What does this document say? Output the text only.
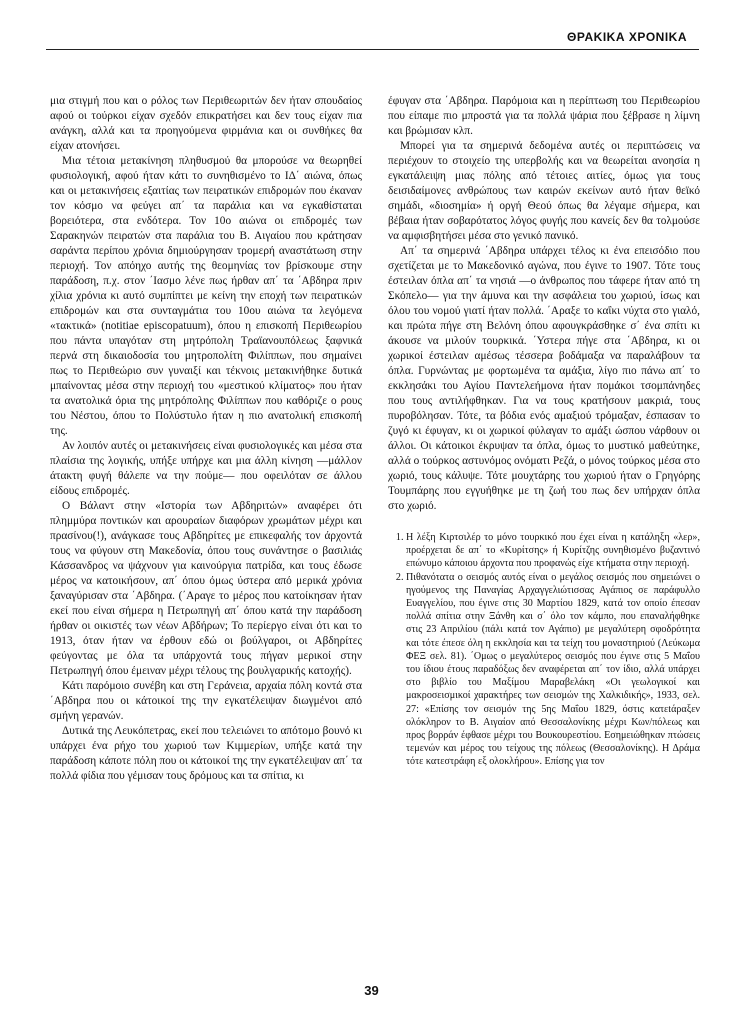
ΘΡΑΚΙΚΑ ΧΡΟΝΙΚΑ

μια στιγμή που και ο ρόλος των Περιθεωριτών δεν ήταν σπουδαίος αφού οι τούρκοι είχαν σχεδόν επικρατήσει και δεν τους είχαν πια ανάγκη, αλλά και τα προηγούμενα φιρμάνια και οι συνθήκες θα είχαν ατονήσει.

Μια τέτοια μετακίνηση πληθυσμού θα μπορούσε να θεωρηθεί φυσιολογική, αφού ήταν κάτι το συνηθισμένο το ΙΔ΄ αιώνα, όπως και οι μετακινήσεις εξαιτίας των πειρατικών επιδρομών που έκαναν τον κόσμο να φεύγει απ΄ τα παράλια και να εγκαθίσταται βορειότερα, στα ενδότερα. Τον 10ο αιώνα οι επιδρομές των Σαρακηνών πειρατών στα παράλια του Β. Αιγαίου που κράτησαν σαράντα περίπου χρόνια δημιούργησαν τρομερή αναστάτωση στην περιοχή. Τον απόηχο αυτής της θεομηνίας τον βρίσκουμε στην παράδοση, π.χ. στον ΄Ιασμο λένε πως ήρθαν απ΄ τα ΄Αβδηρα πριν χίλια χρόνια κι αυτό συμπίπτει με κείνη την εποχή των πειρατικών επιδρομών και στα συνταγμάτια του 10ου αιώνα τα λεγόμενα «τακτικά» (notitiae episcopatuum), όπου η επισκοπή Περιθεωρίου που πάντα υπαγόταν στη μητρόπολη Τραϊανουπόλεως ξαφνικά περνά στη δικαιοδοσία του μητροπολίτη Φιλίππων, που σημαίνει πως το Περιθεώριο συν γυναιξί και τέκνοις μετακινήθηκε δυτικά μπαίνοντας μέσα στην περιοχή του «μεστικού κλίματος» που ήταν τα ανατολικά όρια της μητρόπολης Φιλίππων που καθόριζε ο ρους του Νέστου, όπου το Πολύστυλο ήταν η πιο ανατολική επισκοπή της.

Αν λοιπόν αυτές οι μετακινήσεις είναι φυσιολογικές και μέσα στα πλαίσια της λογικής, υπήξε υπήρχε και μια άλλη κίνηση —μάλλον άτακτη φυγή θάλεπε να την πούμε— που οφειλόταν σε άλλου είδους επιδρομές.

Ο Βάλαντ στην «Ιστορία των Αβδηριτών» αναφέρει ότι πλημμύρα ποντικών και αρουραίων διαφόρων χρωμάτων μέχρι και πρασίνου(!), ανάγκασε τους Αβδηρίτες με επικεφαλής τον άρχοντά τους να φύγουν στη Μακεδονία, όπου τους συνάντησε ο βασιλιάς Κάσσανδρος να ψάχνουν για καινούργια πατρίδα, και τους έδωσε μέρος να κατοικήσουν, απ΄ όπου όμως ύστερα από μερικά χρόνια ξαναγύρισαν στα ΄Αβδηρα. (΄Αραγε το μέρος που κατοίκησαν ήταν εκεί που είναι σήμερα η Πετρωπηγή απ΄ όπου κατά την παράδοση ήρθαν οι οικιστές των νέων Αβδήρων; Το περίεργο είναι ότι και το 1913, όταν ήταν να έρθουν εδώ οι βούλγαροι, οι Αβδηρίτες φεύγοντας με όλα τα υπάρχοντά τους πήγαν μερικοί στην Πετρωπηγή όπου έμειναν μέχρι τέλους της βουλγαρικής κατοχής).

Κάτι παρόμοιο συνέβη και στη Γεράνεια, αρχαία πόλη κοντά στα ΄Αβδηρα που οι κάτοικοί της την εγκατέλειψαν διωγμένοι από σμήνη γερανών.

Δυτικά της Λευκόπετρας, εκεί που τελειώνει το απότομο βουνό κι υπάρχει ένα ρήχο του χωριού των Κιμμερίων, υπήξε κατά την παράδοση κάποτε πόλη που οι κάτοικοί της την εγκατέλειψαν απ΄ τα πολλά φίδια που γέμισαν τους δρόμους και τα σπίτια, κι

έφυγαν στα ΄Αβδηρα. Παρόμοια και η περίπτωση του Περιθεωρίου που είπαμε πιο μπροστά για τα πολλά ψάρια που ξέβρασε η λίμνη και βρώμισαν κλπ.

Μπορεί για τα σημερινά δεδομένα αυτές οι περιπτώσεις να περιέχουν το στοιχείο της υπερβολής και να θεωρείται ανοησία η εγκατάλειψη μιας πόλης από τέτοιες αιτίες, όμως για τους δεισιδαίμονες ανθρώπους των καιρών εκείνων αυτό ήταν θεϊκό σημάδι, «διοσημία» ή οργή Θεού όπως θα λέγαμε σήμερα, και βέβαια ήταν σοβαρότατος λόγος φυγής που κανείς δεν θα τολμούσε να αμφισβητήσει μέσα στο γενικό πανικό.

Απ΄ τα σημερινά ΄Αβδηρα υπάρχει τέλος κι ένα επεισόδιο που σχετίζεται με το Μακεδονικό αγώνα, που έγινε το 1907. Τότε τους έστειλαν όπλα απ΄ τα νησιά —ο άνθρωπος που τάφερε ήταν από τη Σκόπελο— για την άμυνα και την ασφάλεια του χωριού, ίσως και όλου του νομού γιατί ήταν πολλά. ΄Αραξε το καΐκι νύχτα στο γιαλό, και πρώτα πήγε στη Βελόνη όπου αφουγκράσθηκε σ΄ ένα σπίτι κι άκουσε να μιλούν τουρκικά. ΄Υστερα πήγε στα ΄Αβδηρα, κι οι χωρικοί έστειλαν αμέσως τέσσερα βοδάμαξα να παραλάβουν τα όπλα. Γυρνώντας με φορτωμένα τα αμάξια, λίγο πιο πάνω απ΄ το εκκλησάκι του Αγίου Παντελεήμονα ήταν πομάκοι τσομπάνηδες που τους αντιλήφθηκαν. Για να τους κρατήσουν μακριά, τους πυροβόλησαν. Τότε, τα βόδια ενός αμαξιού τρόμαξαν, έσπασαν το ζυγό κι έφυγαν, κι οι χωρικοί φύλαγαν το αμάξι ώσπου νάρθουν οι άλλοι. Οι κάτοικοι έκρυψαν τα όπλα, όμως το μυστικό μαθεύτηκε, αλλά ο τούρκος αστυνόμος ονόματι Ρεζά, ο μόνος τούρκος μέσα στο χωριό, τους κάλυψε. Τότε μουχτάρης του χωριού ήταν ο Γρηγόρης Τουμπάρης που εγγυήθηκε με τη ζωή του πως δεν υπήρχαν όπλα στο χωριό.

1. Η λέξη Κιρτσιλέρ το μόνο τουρκικό που έχει είναι η κατάληξη «λερ», προέρχεται δε απ΄ το «Κυρίτσης» ή Κυρίτζης συνηθισμένο βυζαντινό επώνυμο κάποιου άρχοντα που προφανώς είχε κτήματα στην περιοχή.
2. Πιθανότατα ο σεισμός αυτός είναι ο μεγάλος σεισμός που σημειώνει ο ηγούμενος της Παναγίας Αρχαγγελιώτισσας Αγάπιος σε παράφυλλο Ευαγγελίου, που έγινε στις 30 Μαρτίου 1829, κατά τον οποίο έπεσαν πολλά σπίτια στην Ξάνθη και σ΄ όλο τον κάμπο, που επαναλήφθηκε στις 23 Απριλίου (πάλι κατά τον Αγάπιο) με μεγαλύτερη σφοδρότητα και τότε έπεσε όλη η εκκλησία και τα τείχη του μοναστηριού (Λεύκωμα ΦΕΞ σελ. 81). ΄Ομως ο μεγαλύτερος σεισμός που έγινε στις 5 Μαΐου του ίδιου έτους παραδόξως δεν αναφέρεται απ΄ τον ίδιο, αλλά υπάρχει στο βιβλίο του Μαξίμου Μαραβελάκη «Οι γεωλογικοί και μακροσεισμικοί χαρακτήρες των σεισμών της Χαλκιδικής», 1933, σελ. 27: «Επίσης τον σεισμόν της 5ης Μαΐου 1829, όστις κατεtάραξεν ολόκληρον το Β. Αιγαίον από Θεσσαλονίκης μέχρι Κων/πόλεως και προς βορράν έφθασε μέχρι του Βουκουρεστίου. Εσημειώθηκαν πτώσεις τεμενών και μέρος του τείχους της πόλεως (Θεσσαλονίκης). Η Δράμα τότε κατεστράφη εξ ολοκλήρου». Επίσης για τον
39
